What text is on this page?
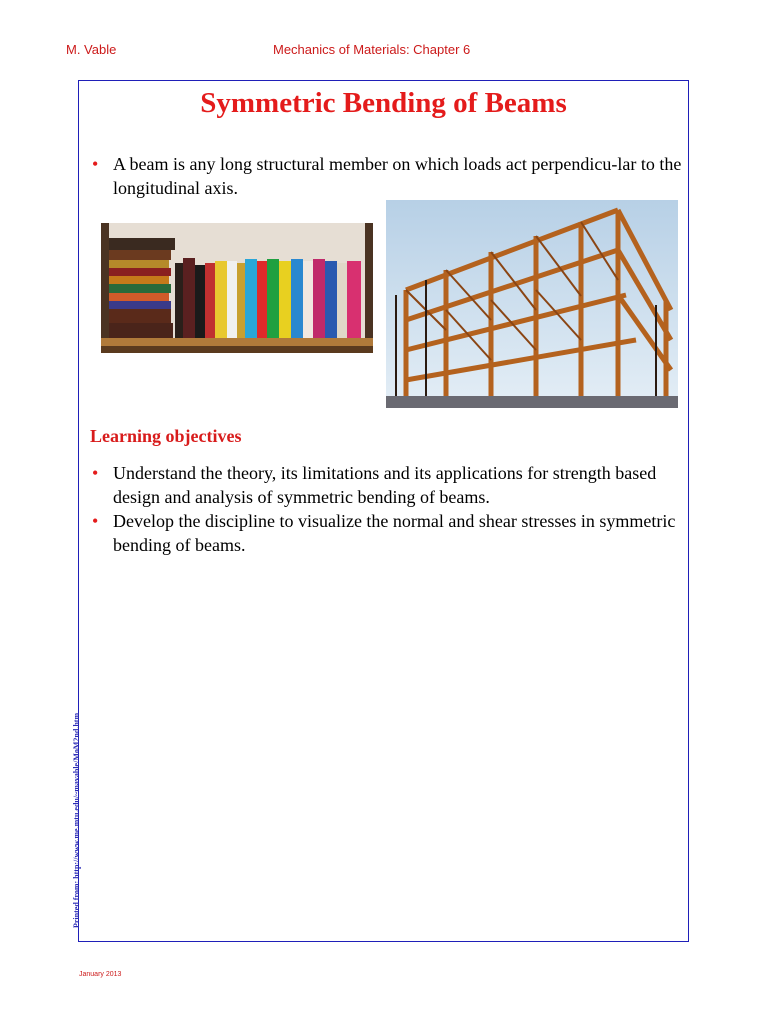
M. Vable	Mechanics of Materials: Chapter 6
Symmetric Bending of Beams
• A beam is any long structural member on which loads act perpendicu-lar to the longitudinal axis.
Learning objectives
• Understand the theory, its limitations and its applications for strength based design and analysis of symmetric bending of beams.
• Develop the discipline to visualize the normal and shear stresses in symmetric bending of beams.
Printed from: http://www.me.mtu.edu/~mavable/MoM2nd.htm
January 2013
